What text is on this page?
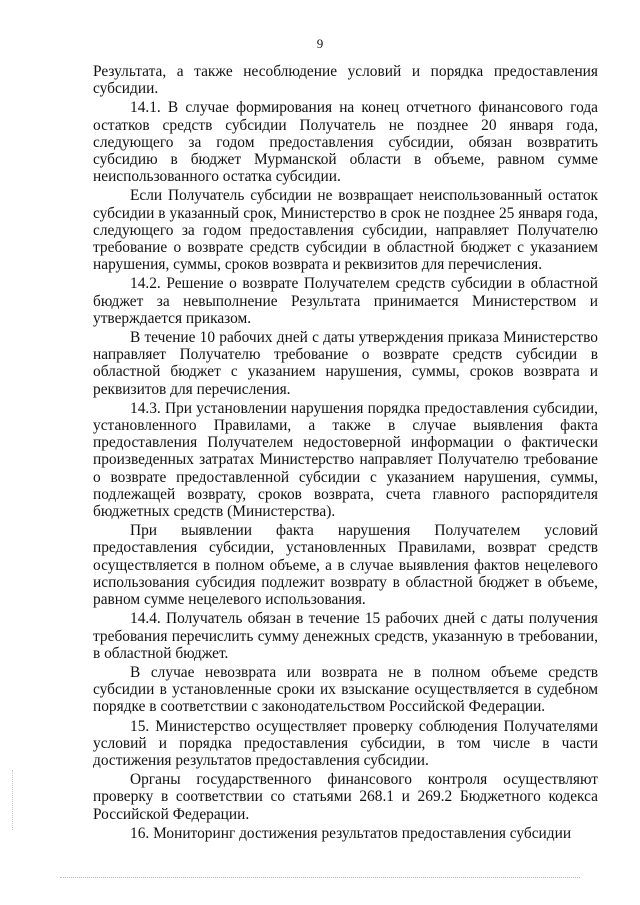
9

Результата, а также несоблюдение условий и порядка предоставления субсидии.

14.1. В случае формирования на конец отчетного финансового года остатков средств субсидии Получатель не позднее 20 января года, следующего за годом предоставления субсидии, обязан возвратить субсидию в бюджет Мурманской области в объеме, равном сумме неиспользованного остатка субсидии.

Если Получатель субсидии не возвращает неиспользованный остаток субсидии в указанный срок, Министерство в срок не позднее 25 января года, следующего за годом предоставления субсидии, направляет Получателю требование о возврате средств субсидии в областной бюджет с указанием нарушения, суммы, сроков возврата и реквизитов для перечисления.

14.2. Решение о возврате Получателем средств субсидии в областной бюджет за невыполнение Результата принимается Министерством и утверждается приказом.

В течение 10 рабочих дней с даты утверждения приказа Министерство направляет Получателю требование о возврате средств субсидии в областной бюджет с указанием нарушения, суммы, сроков возврата и реквизитов для перечисления.

14.3. При установлении нарушения порядка предоставления субсидии, установленного Правилами, а также в случае выявления факта предоставления Получателем недостоверной информации о фактически произведенных затратах Министерство направляет Получателю требование о возврате предоставленной субсидии с указанием нарушения, суммы, подлежащей возврату, сроков возврата, счета главного распорядителя бюджетных средств (Министерства).

При выявлении факта нарушения Получателем условий предоставления субсидии, установленных Правилами, возврат средств осуществляется в полном объеме, а в случае выявления фактов нецелевого использования субсидия подлежит возврату в областной бюджет в объеме, равном сумме нецелевого использования.

14.4. Получатель обязан в течение 15 рабочих дней с даты получения требования перечислить сумму денежных средств, указанную в требовании, в областной бюджет.

В случае невозврата или возврата не в полном объеме средств субсидии в установленные сроки их взыскание осуществляется в судебном порядке в соответствии с законодательством Российской Федерации.

15. Министерство осуществляет проверку соблюдения Получателями условий и порядка предоставления субсидии, в том числе в части достижения результатов предоставления субсидии.

Органы государственного финансового контроля осуществляют проверку в соответствии со статьями 268.1 и 269.2 Бюджетного кодекса Российской Федерации.

16. Мониторинг достижения результатов предоставления субсидии
